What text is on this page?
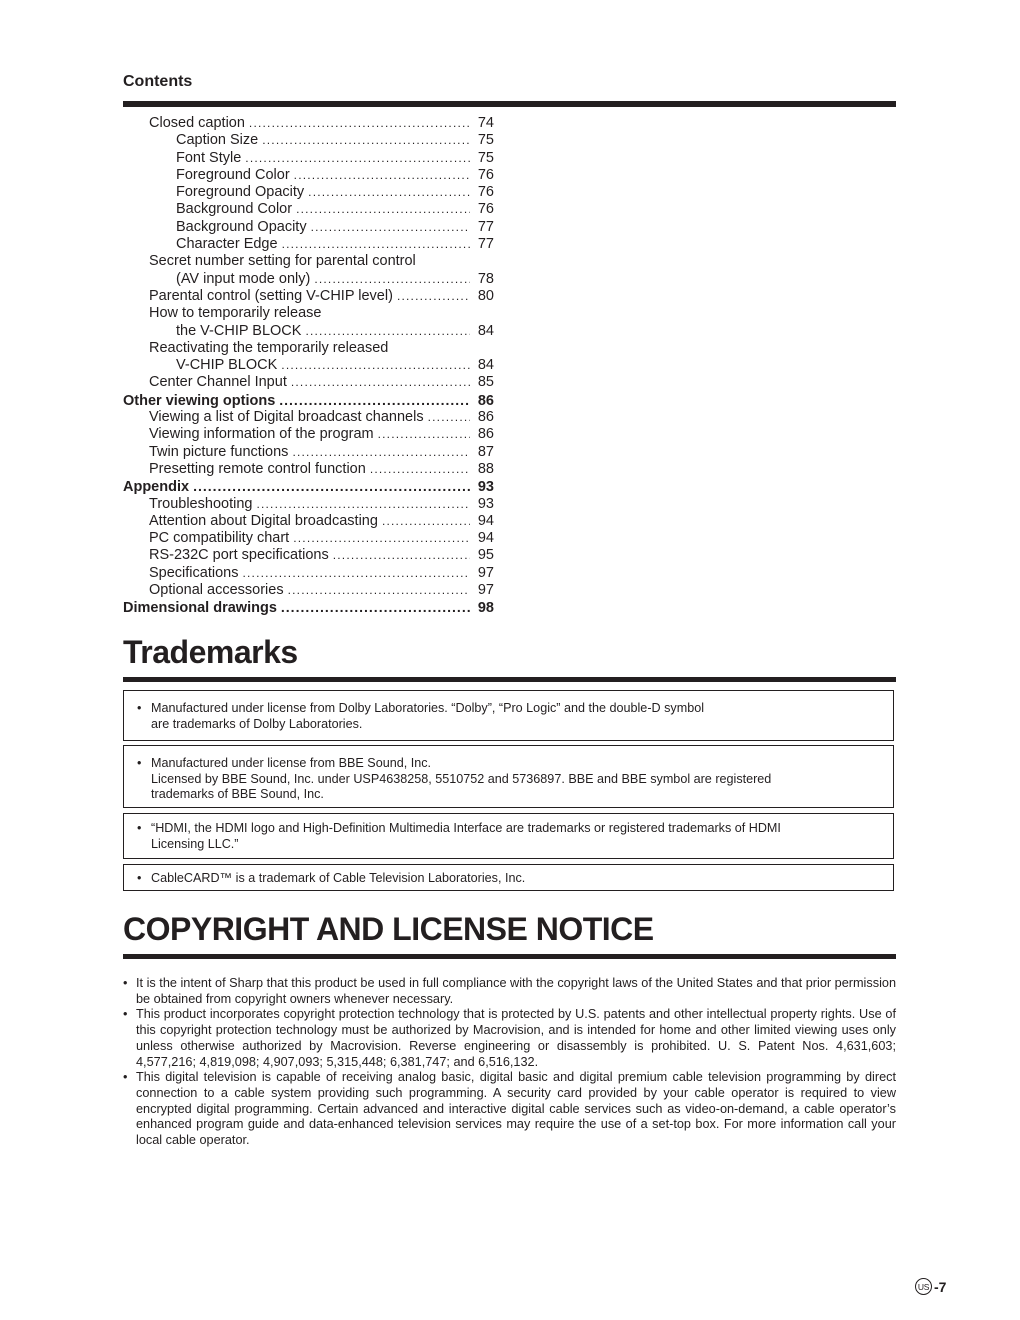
Contents
Closed caption .....	74
Caption Size .....	75
Font Style .....	75
Foreground Color .....	76
Foreground Opacity .....	76
Background Color .....	76
Background Opacity .....	77
Character Edge .....	77
Secret number setting for parental control
(AV input mode only) .....	78
Parental control (setting V-CHIP level) .....	80
How to temporarily release
the V-CHIP BLOCK .....	84
Reactivating the temporarily released
V-CHIP BLOCK .....	84
Center Channel Input .....	85
Other viewing options .....	86
Viewing a list of Digital broadcast channels .....	86
Viewing information of the program .....	86
Twin picture functions .....	87
Presetting remote control function .....	88
Appendix .....	93
Troubleshooting .....	93
Attention about Digital broadcasting .....	94
PC compatibility chart .....	94
RS-232C port specifications .....	95
Specifications .....	97
Optional accessories .....	97
Dimensional drawings .....	98
Trademarks
• Manufactured under license from Dolby Laboratories. “Dolby”, “Pro Logic” and the double-D symbol
are trademarks of Dolby Laboratories.
• Manufactured under license from BBE Sound, Inc.
Licensed by BBE Sound, Inc. under USP4638258, 5510752 and 5736897. BBE and BBE symbol are registered
trademarks of BBE Sound, Inc.
• “HDMI, the HDMI logo and High-Definition Multimedia Interface are trademarks or registered trademarks of HDMI
Licensing LLC.”
• CableCARD™ is a trademark of Cable Television Laboratories, Inc.
COPYRIGHT AND LICENSE NOTICE
• It is the intent of Sharp that this product be used in full compliance with the copyright laws of the United States and that prior permission be obtained from copyright owners whenever necessary.
• This product incorporates copyright protection technology that is protected by U.S. patents and other intellectual property rights. Use of this copyright protection technology must be authorized by Macrovision, and is intended for home and other limited viewing uses only unless otherwise authorized by Macrovision. Reverse engineering or disassembly is prohibited. U. S. Patent Nos. 4,631,603; 4,577,216; 4,819,098; 4,907,093; 5,315,448; 6,381,747; and 6,516,132.
• This digital television is capable of receiving analog basic, digital basic and digital premium cable television programming by direct connection to a cable system providing such programming. A security card provided by your cable operator is required to view encrypted digital programming. Certain advanced and interactive digital cable services such as video-on-demand, a cable operator’s enhanced program guide and data-enhanced television services may require the use of a set-top box. For more information call your local cable operator.
US -7
